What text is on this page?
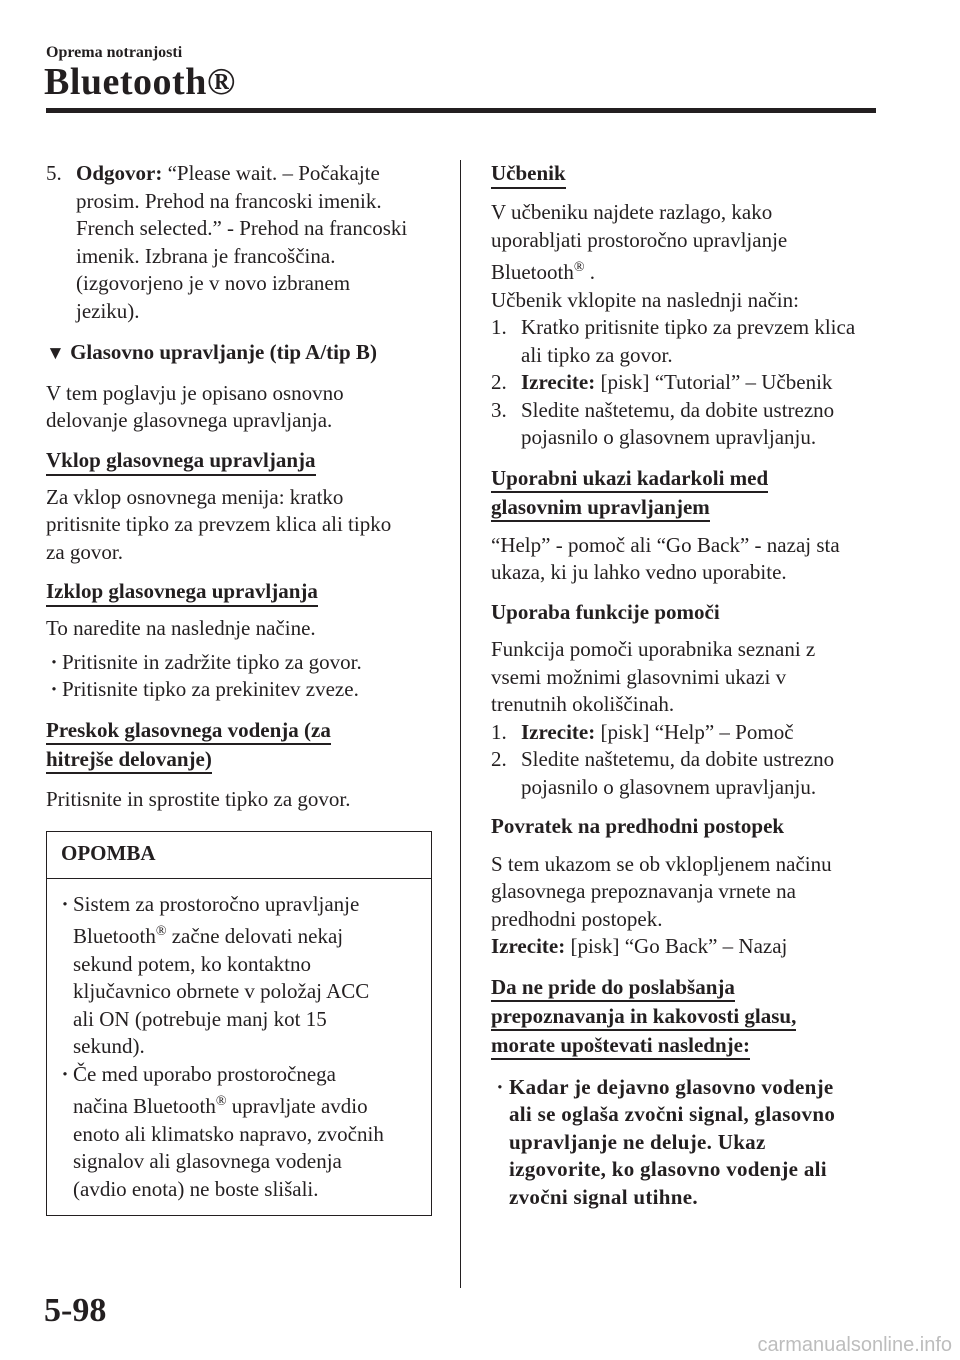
Oprema notranjosti
Bluetooth®
5. Odgovor: “Please wait. – Počakajte
prosim. Prehod na francoski imenik.
French selected.” - Prehod na francoski
imenik. Izbrana je francoščina.
(izgovorjeno je v novo izbranem
jeziku).

▼ Glasovno upravljanje (tip A/tip B)

V tem poglavju je opisano osnovno
delovanje glasovnega upravljanja.

Vklop glasovnega upravljanja

Za vklop osnovnega menija: kratko
pritisnite tipko za prevzem klica ali tipko
za govor.

Izklop glasovnega upravljanja

To naredite na naslednje načine.

· Pritisnite in zadržite tipko za govor.
· Pritisnite tipko za prekinitev zveze.
Preskok glasovnega vodenja (za
hitrejše delovanje)

Pritisnite in sprostite tipko za govor.

OPOMBA
· Sistem za prostoročno upravljanje
Bluetooth® začne delovati nekaj
sekund potem, ko kontaktno
ključavnico obrnete v položaj ACC
ali ON (potrebuje manj kot 15
sekund).
· Če med uporabo prostoročnega
načina Bluetooth® upravljate avdio
enoto ali klimatsko napravo, zvočnih
signalov ali glasovnega vodenja
(avdio enota) ne boste slišali.

Učbenik

V učbeniku najdete razlago, kako
uporabljati prostoročno upravljanje
Bluetooth® .
Učbenik vklopite na naslednji način:

1. Kratko pritisnite tipko za prevzem klica
ali tipko za govor.
2. Izrecite: [pisk] “Tutorial” – Učbenik
3. Sledite naštetemu, da dobite ustrezno
pojasnilo o glasovnem upravljanju.
Uporabni ukazi kadarkoli med
glasovnim upravljanjem

“Help” - pomoč ali “Go Back” - nazaj sta
ukaza, ki ju lahko vedno uporabite.

Uporaba funkcije pomoči

Funkcija pomoči uporabnika seznani z
vsemi možnimi glasovnimi ukazi v
trenutnih okoliščinah.

1. Izrecite: [pisk] “Help” – Pomoč
2. Sledite naštetemu, da dobite ustrezno
pojasnilo o glasovnem upravljanju.

Povratek na predhodni postopek

S tem ukazom se ob vklopljenem načinu
glasovnega prepoznavanja vrnete na
predhodni postopek.
Izrecite: [pisk] “Go Back” – Nazaj

Da ne pride do poslabšanja
prepoznavanja in kakovosti glasu,
morate upoštevati naslednje:
· Kadar je dejavno glasovno vodenje
ali se oglaša zvočni signal, glasovno
upravljanje ne deluje. Ukaz
izgovorite, ko glasovno vodenje ali
zvočni signal utihne.
5-98
carmanualsonline.info
